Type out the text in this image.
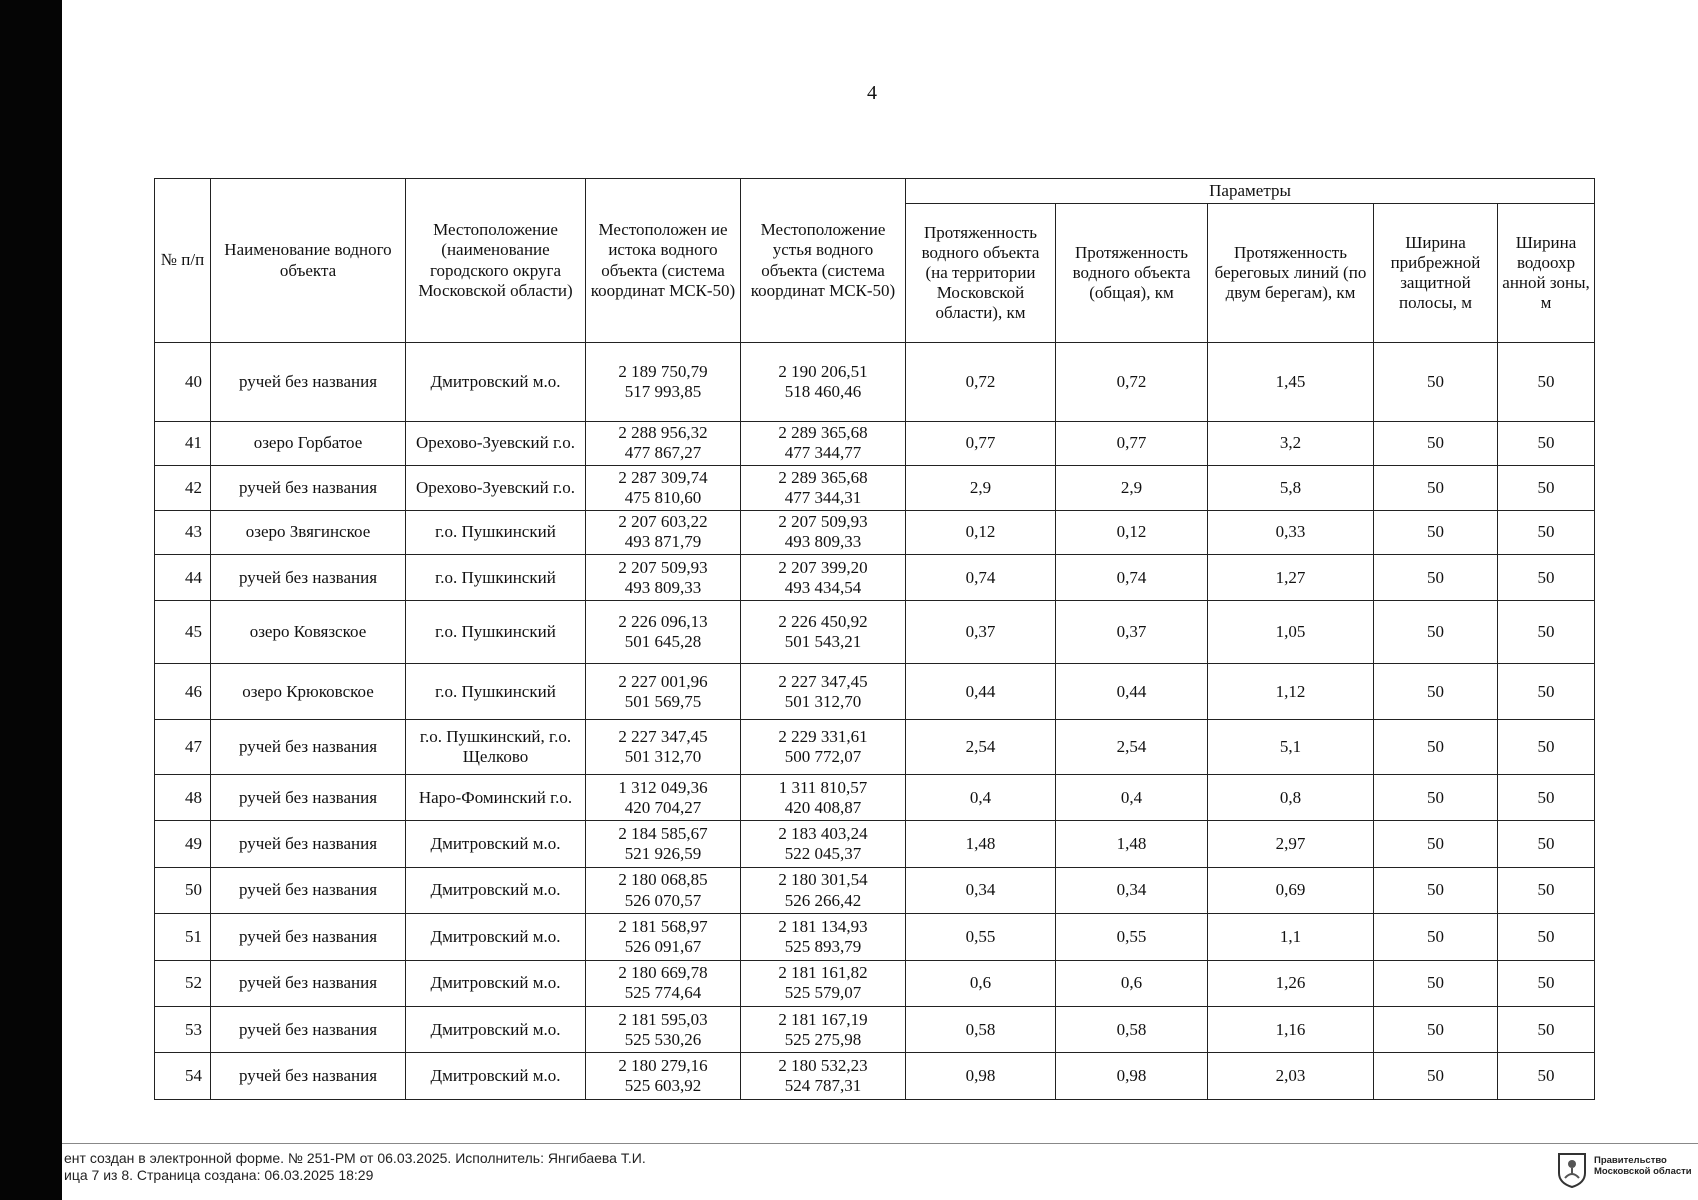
4
№ п/п	Наименование водного объекта	Местоположение (наименование городского округа Московской области)	Местоположен ие истока водного объекта (система координат МСК-50)	Местоположение устья водного объекта (система координат МСК-50)	Параметры				
					Протяженность водного объекта (на территории Московской области), км	Протяженность водного объекта (общая), км	Протяженность береговых линий (по двум берегам), км	Ширина прибрежной защитной полосы, м	Ширина водоохр анной зоны, м
40	ручей без названия	Дмитровский м.о.	2 189 750,79
517 993,85	2 190 206,51
518 460,46	0,72	0,72	1,45	50	50
41	озеро Горбатое	Орехово-Зуевский г.о.	2 288 956,32
477 867,27	2 289 365,68
477 344,77	0,77	0,77	3,2	50	50
42	ручей без названия	Орехово-Зуевский г.о.	2 287 309,74
475 810,60	2 289 365,68
477 344,31	2,9	2,9	5,8	50	50
43	озеро Звягинское	г.о. Пушкинский	2 207 603,22
493 871,79	2 207 509,93
493 809,33	0,12	0,12	0,33	50	50
44	ручей без названия	г.о. Пушкинский	2 207 509,93
493 809,33	2 207 399,20
493 434,54	0,74	0,74	1,27	50	50
45	озеро Ковязское	г.о. Пушкинский	2 226 096,13
501 645,28	2 226 450,92
501 543,21	0,37	0,37	1,05	50	50
46	озеро Крюковское	г.о. Пушкинский	2 227 001,96
501 569,75	2 227 347,45
501 312,70	0,44	0,44	1,12	50	50
47	ручей без названия	г.о. Пушкинский, г.о. Щелково	2 227 347,45
501 312,70	2 229 331,61
500 772,07	2,54	2,54	5,1	50	50
48	ручей без названия	Наро-Фоминский г.о.	1 312 049,36
420 704,27	1 311 810,57
420 408,87	0,4	0,4	0,8	50	50
49	ручей без названия	Дмитровский м.о.	2 184 585,67
521 926,59	2 183 403,24
522 045,37	1,48	1,48	2,97	50	50
50	ручей без названия	Дмитровский м.о.	2 180 068,85
526 070,57	2 180 301,54
526 266,42	0,34	0,34	0,69	50	50
51	ручей без названия	Дмитровский м.о.	2 181 568,97
526 091,67	2 181 134,93
525 893,79	0,55	0,55	1,1	50	50
52	ручей без названия	Дмитровский м.о.	2 180 669,78
525 774,64	2 181 161,82
525 579,07	0,6	0,6	1,26	50	50
53	ручей без названия	Дмитровский м.о.	2 181 595,03
525 530,26	2 181 167,19
525 275,98	0,58	0,58	1,16	50	50
54	ручей без названия	Дмитровский м.о.	2 180 279,16
525 603,92	2 180 532,23
524 787,31	0,98	0,98	2,03	50	50
ент создан в электронной форме. № 251-РМ от 06.03.2025. Исполнитель: Янгибаева Т.И.
ица 7 из 8. Страница создана: 06.03.2025 18:29
Правительство
Московской области
